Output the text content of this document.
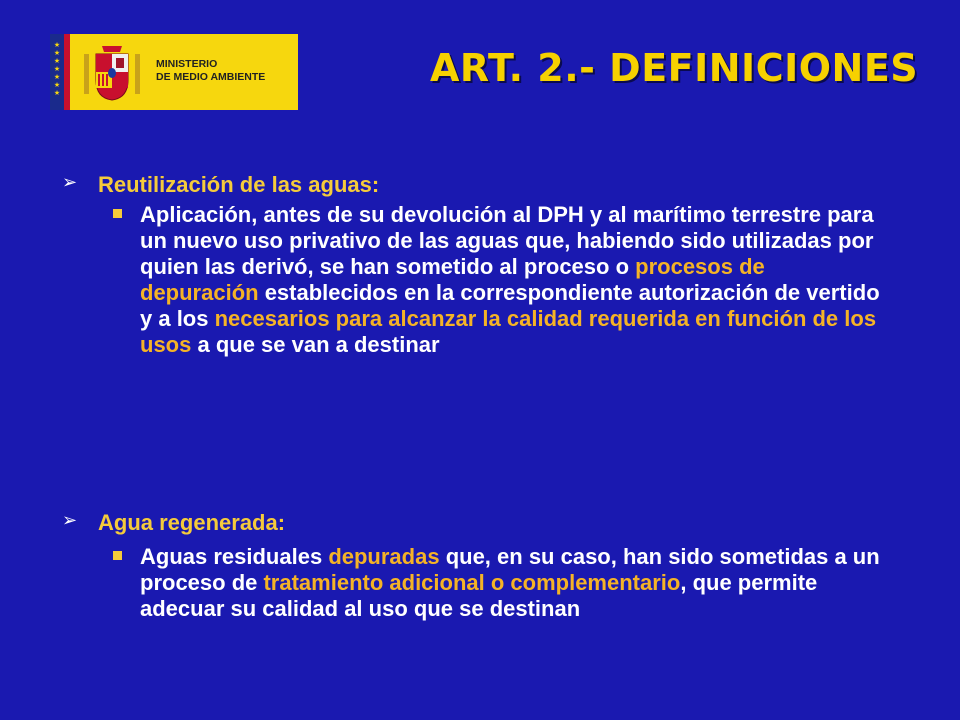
★
★
★
★
★
★
★
MINISTERIO
DE MEDIO AMBIENTE	ART. 2.- DEFINICIONES
➢ Reutilización de las aguas:
Aplicación, antes de su devolución al DPH y al marítimo terrestre para un nuevo uso privativo de las aguas que, habiendo sido utilizadas por quien las derivó, se han sometido al proceso o procesos de depuración establecidos en la correspondiente autorización de vertido y a los necesarios para alcanzar la calidad requerida en función de los usos a que se van a destinar
➢ Agua regenerada:
Aguas residuales depuradas que, en su caso, han sido sometidas a un proceso de tratamiento adicional o complementario, que permite adecuar su calidad al uso que se destinan
